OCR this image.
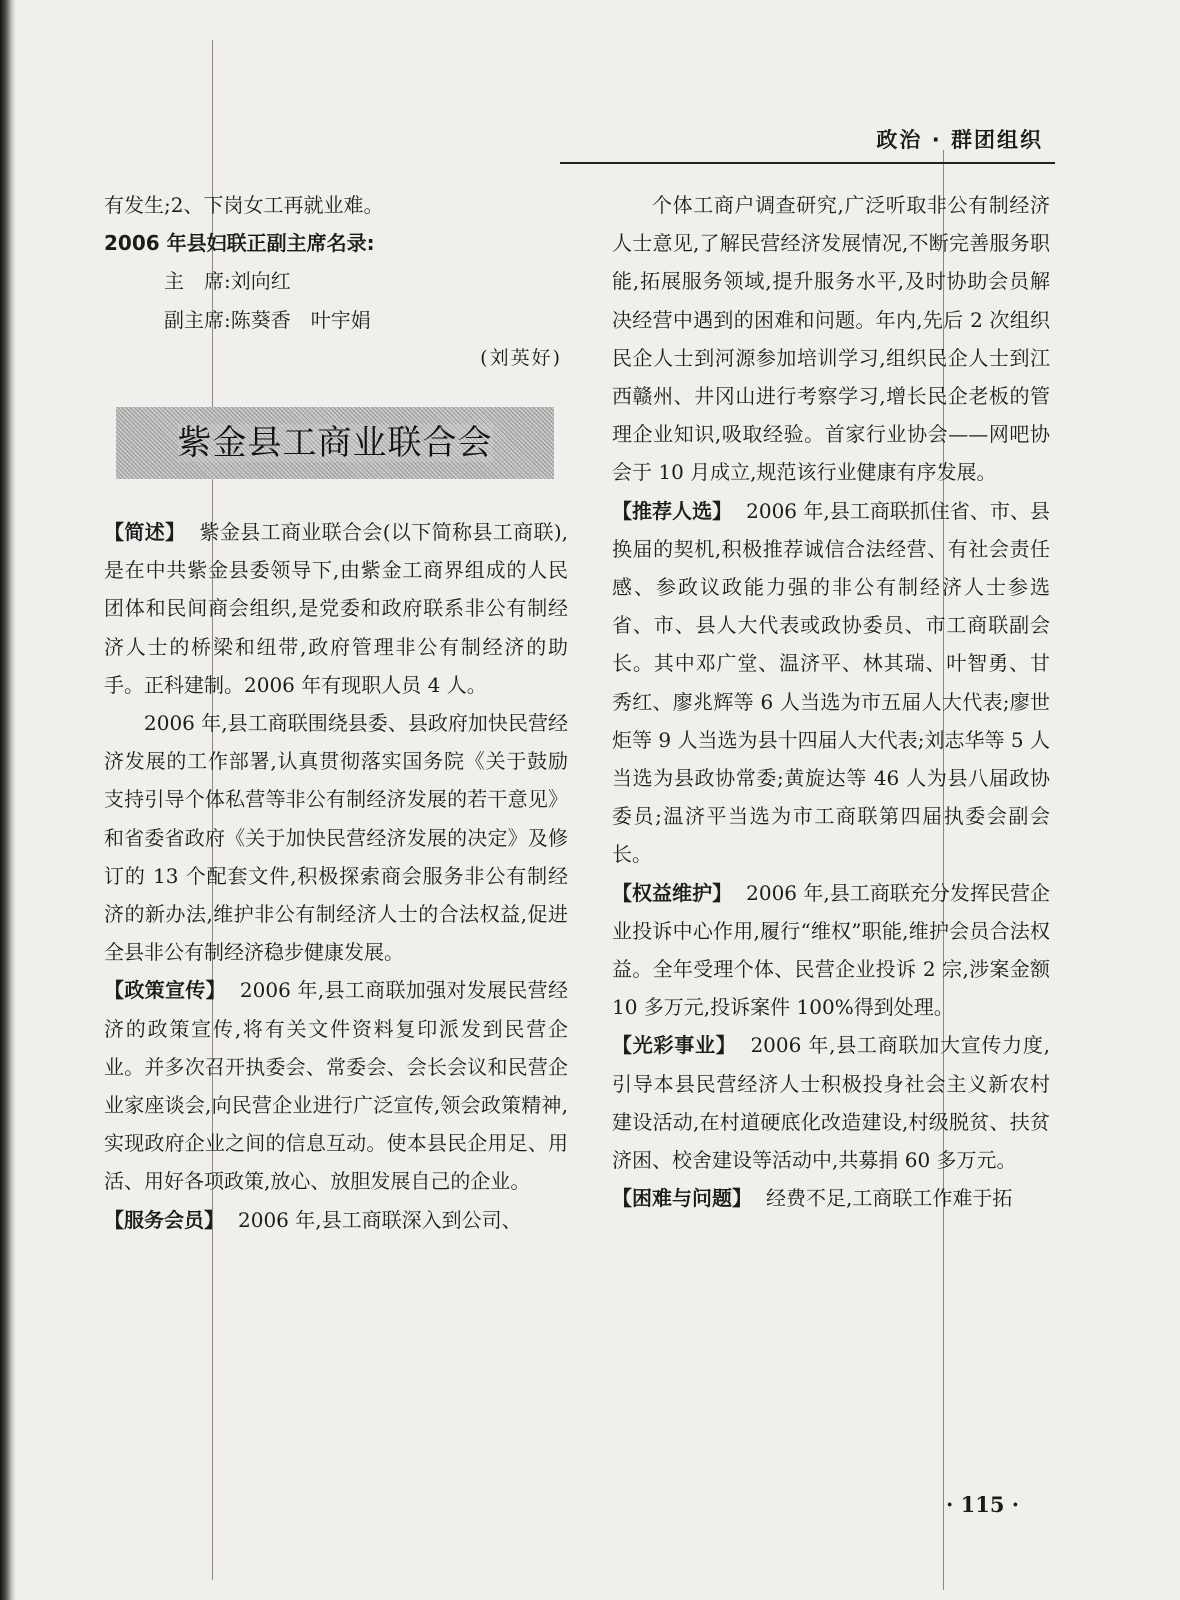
政治 · 群团组织

有发生;2、下岗女工再就业难。

2006 年县妇联正副主席名录:

主　席:刘向红

副主席:陈葵香　叶宇娟

(刘英好)

紫金县工商业联合会

【简述】 紫金县工商业联合会(以下简称县工商联),是在中共紫金县委领导下,由紫金工商界组成的人民团体和民间商会组织,是党委和政府联系非公有制经济人士的桥梁和纽带,政府管理非公有制经济的助手。正科建制。2006 年有现职人员 4 人。

2006 年,县工商联围绕县委、县政府加快民营经济发展的工作部署,认真贯彻落实国务院《关于鼓励支持引导个体私营等非公有制经济发展的若干意见》和省委省政府《关于加快民营经济发展的决定》及修订的 13 个配套文件,积极探索商会服务非公有制经济的新办法,维护非公有制经济人士的合法权益,促进全县非公有制经济稳步健康发展。

【政策宣传】 2006 年,县工商联加强对发展民营经济的政策宣传,将有关文件资料复印派发到民营企业。并多次召开执委会、常委会、会长会议和民营企业家座谈会,向民营企业进行广泛宣传,领会政策精神,实现政府企业之间的信息互动。使本县民企用足、用活、用好各项政策,放心、放胆发展自己的企业。

【服务会员】 2006 年,县工商联深入到公司、

个体工商户调查研究,广泛听取非公有制经济人士意见,了解民营经济发展情况,不断完善服务职能,拓展服务领域,提升服务水平,及时协助会员解决经营中遇到的困难和问题。年内,先后 2 次组织民企人士到河源参加培训学习,组织民企人士到江西赣州、井冈山进行考察学习,增长民企老板的管理企业知识,吸取经验。首家行业协会——网吧协会于 10 月成立,规范该行业健康有序发展。

【推荐人选】 2006 年,县工商联抓住省、市、县换届的契机,积极推荐诚信合法经营、有社会责任感、参政议政能力强的非公有制经济人士参选省、市、县人大代表或政协委员、市工商联副会长。其中邓广堂、温济平、林其瑞、叶智勇、甘秀红、廖兆辉等 6 人当选为市五届人大代表;廖世炬等 9 人当选为县十四届人大代表;刘志华等 5 人当选为县政协常委;黄旋达等 46 人为县八届政协委员;温济平当选为市工商联第四届执委会副会长。

【权益维护】 2006 年,县工商联充分发挥民营企业投诉中心作用,履行“维权”职能,维护会员合法权益。全年受理个体、民营企业投诉 2 宗,涉案金额 10 多万元,投诉案件 100%得到处理。

【光彩事业】 2006 年,县工商联加大宣传力度,引导本县民营经济人士积极投身社会主义新农村建设活动,在村道硬底化改造建设,村级脱贫、扶贫济困、校舍建设等活动中,共募捐 60 多万元。

【困难与问题】 经费不足,工商联工作难于拓

· 115 ·
